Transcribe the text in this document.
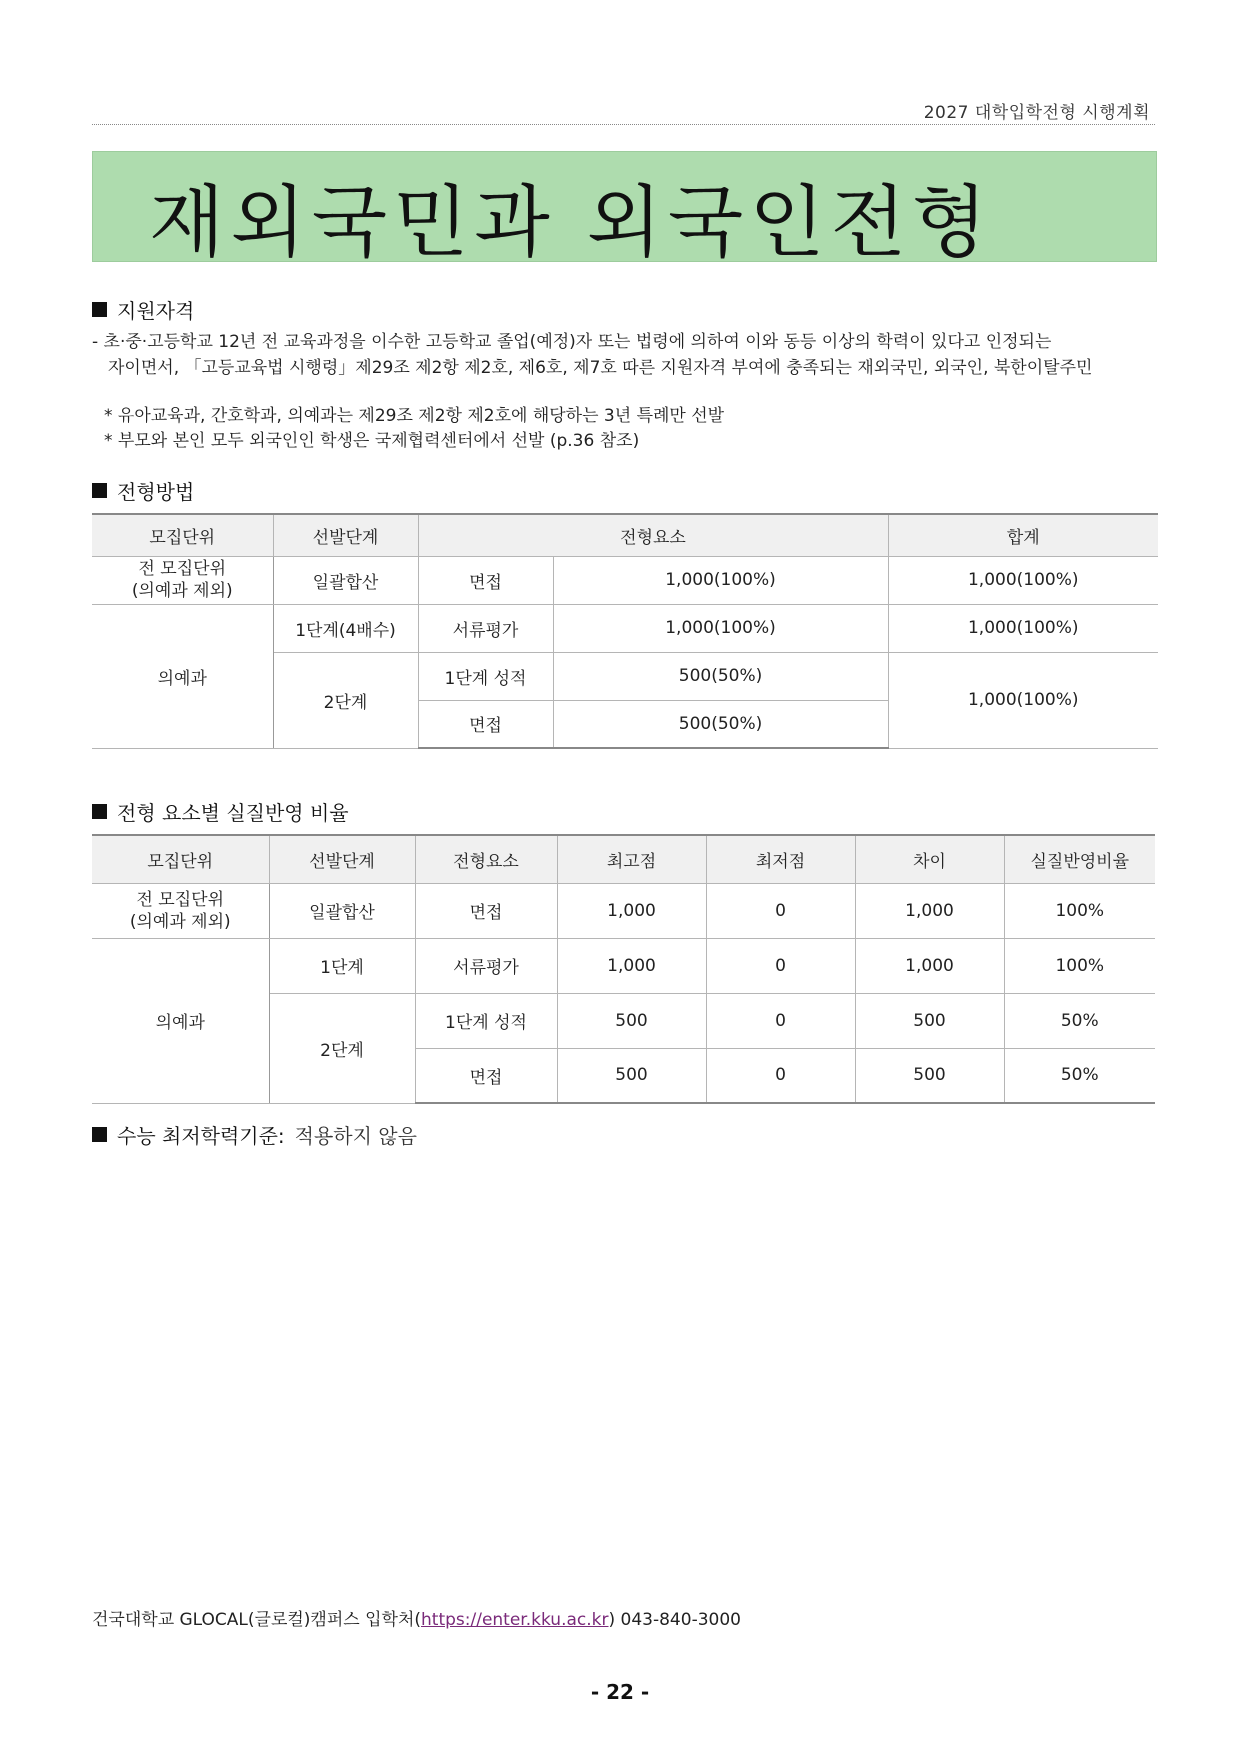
2027 대학입학전형 시행계획
재외국민과 외국인전형
지원자격
- 초·중·고등학교 12년 전 교육과정을 이수한 고등학교 졸업(예정)자 또는 법령에 의하여 이와 동등 이상의 학력이 있다고 인정되는
자이면서, 「고등교육법 시행령」제29조 제2항 제2호, 제6호, 제7호 따른 지원자격 부여에 충족되는 재외국민, 외국인, 북한이탈주민
* 유아교육과, 간호학과, 의예과는 제29조 제2항 제2호에 해당하는 3년 특례만 선발
* 부모와 본인 모두 외국인인 학생은 국제협력센터에서 선발 (p.36 참조)
전형방법
모집단위	선발단계	전형요소		합계

전 모집단위
(의예과 제외)	일괄합산	면접	1,000(100%)	1,000(100%)
의예과	1단계(4배수)	서류평가	1,000(100%)	1,000(100%)
	2단계	1단계 성적	500(50%)	1,000(100%)
		면접	500(50%)	
전형 요소별 실질반영 비율
모집단위	선발단계	전형요소	최고점	최저점	차이	실질반영비율

전 모집단위
(의예과 제외)	일괄합산	면접	1,000	0	1,000	100%
의예과	1단계	서류평가	1,000	0	1,000	100%
	2단계	1단계 성적	500	0	500	50%
		면접	500	0	500	50%
수능 최저학력기준: 적용하지 않음
건국대학교 GLOCAL(글로컬)캠퍼스 입학처(https://enter.kku.ac.kr) 043-840-3000
- 22 -
